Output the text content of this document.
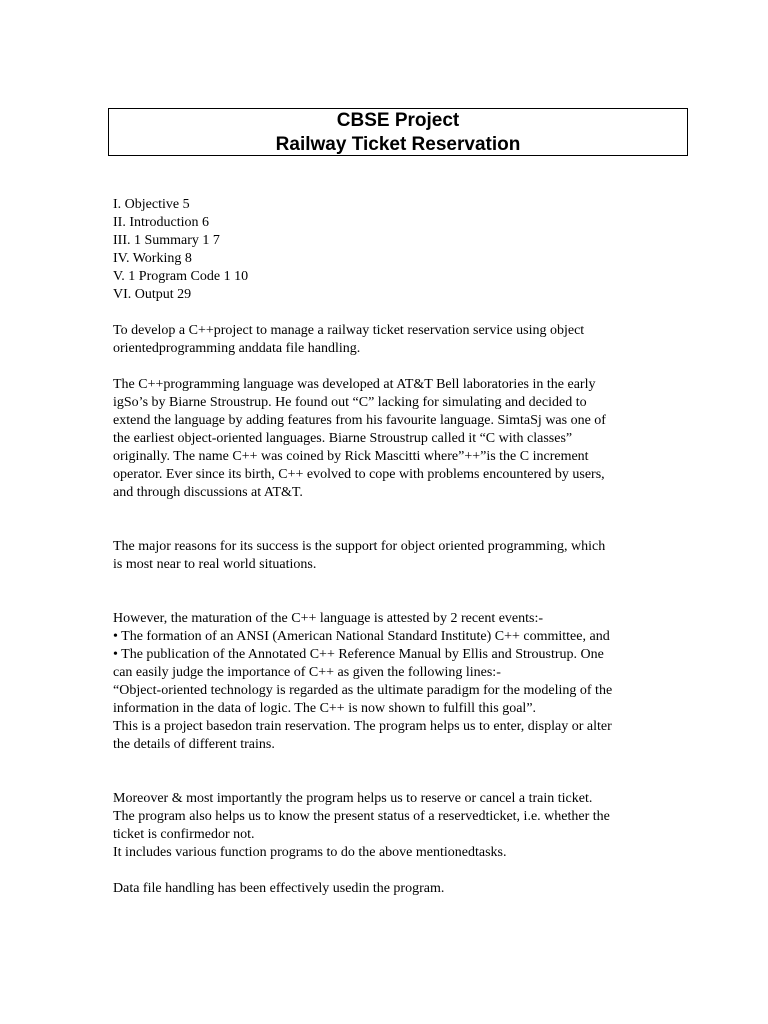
CBSE Project
Railway Ticket Reservation
I. Objective 5
II. Introduction 6
III. 1 Summary 1 7
IV. Working 8
V. 1 Program Code 1 10
VI. Output 29
To develop a C++project to manage a railway ticket reservation service using object
orientedprogramming anddata file handling.
The C++programming language was developed at AT&T Bell laboratories in the early
igSo’s by Biarne Stroustrup. He found out “C” lacking for simulating and decided to
extend the language by adding features from his favourite language. SimtaSj was one of
the earliest object-oriented languages. Biarne Stroustrup called it “C with classes”
originally. The name C++ was coined by Rick Mascitti where”++”is the C increment
operator. Ever since its birth, C++ evolved to cope with problems encountered by users,
and through discussions at AT&T.
The major reasons for its success is the support for object oriented programming, which
is most near to real world situations.
However, the maturation of the C++ language is attested by 2 recent events:-
• The formation of an ANSI (American National Standard Institute) C++ committee, and
• The publication of the Annotated C++ Reference Manual by Ellis and Stroustrup. One
can easily judge the importance of C++ as given the following lines:-
“Object-oriented technology is regarded as the ultimate paradigm for the modeling of the
information in the data of logic. The C++ is now shown to fulfill this goal”.
This is a project basedon train reservation. The program helps us to enter, display or alter
the details of different trains.
Moreover & most importantly the program helps us to reserve or cancel a train ticket.
The program also helps us to know the present status of a reservedticket, i.e. whether the
ticket is confirmedor not.
It includes various function programs to do the above mentionedtasks.
Data file handling has been effectively usedin the program.
